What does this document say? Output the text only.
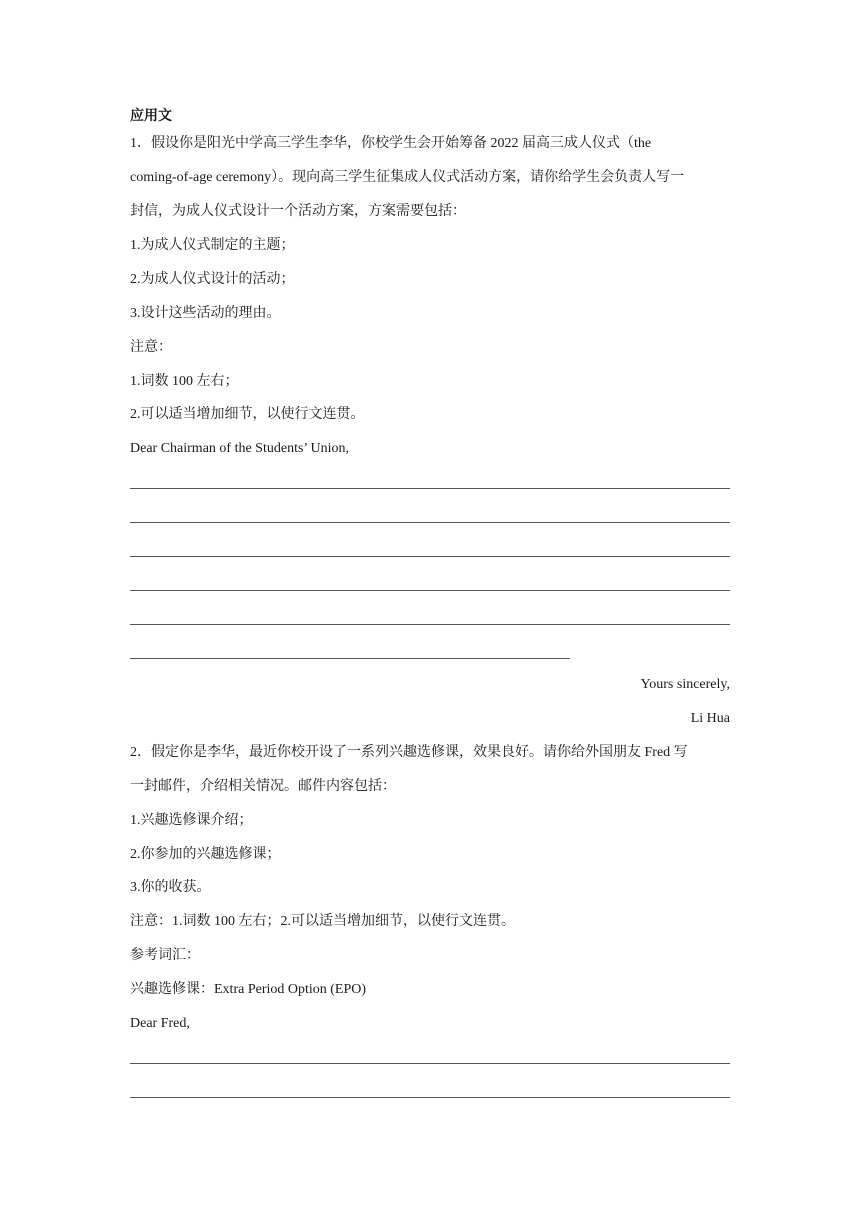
应用文
1．假设你是阳光中学高三学生李华，你校学生会开始筹备 2022 届高三成人仪式（the
coming-of-age ceremony）。现向高三学生征集成人仪式活动方案，请你给学生会负责人写一
封信，为成人仪式设计一个活动方案，方案需要包括：
1.为成人仪式制定的主题；
2.为成人仪式设计的活动；
3.设计这些活动的理由。
注意：
1.词数 100 左右；
2.可以适当增加细节，以使行文连贯。
Dear Chairman of the Students’ Union,
Yours sincerely,
Li Hua
2．假定你是李华，最近你校开设了一系列兴趣选修课，效果良好。请你给外国朋友 Fred 写
一封邮件，介绍相关情况。邮件内容包括：
1.兴趣选修课介绍；
2.你参加的兴趣选修课；
3.你的收获。
注意：1.词数 100 左右；2.可以适当增加细节，以使行文连贯。
参考词汇：
兴趣选修课：Extra Period Option (EPO)
Dear Fred,
